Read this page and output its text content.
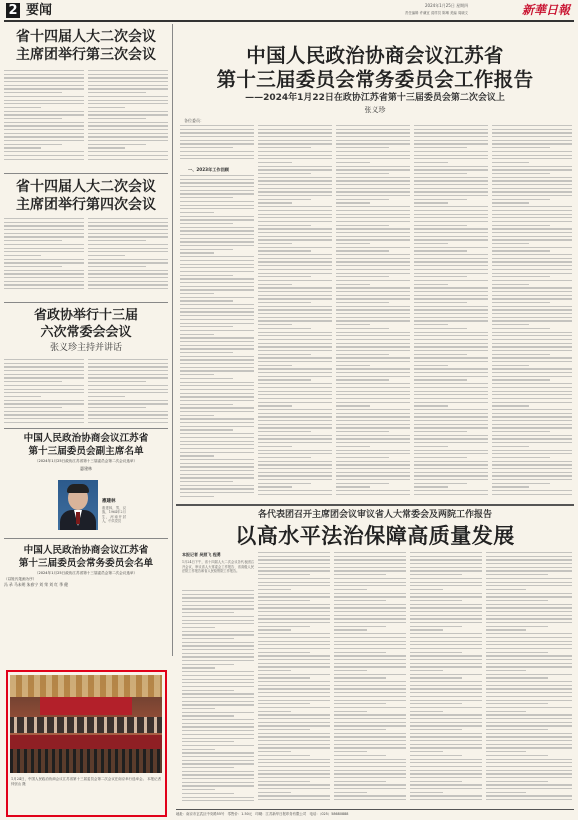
2 要闻	2024年1月25日 星期四
责任编辑 许谦宜 清样员 陈琳 美编 周晓文	新華日報
省十四届人大二次会议
主席团举行第三次会议
省十四届人大二次会议
主席团举行第四次会议
省政协举行十三届
六次常委会会议
张义珍主持并讲话
中国人民政治协商会议江苏省
第十三届委员会副主席名单
（2024年1月25日政协江苏省第十三届委员会第二次会议选举）
惠建林
惠建林
惠建林，男，汉族，1964年2月生，河南开封人，中共党员
中国人民政治协商会议江苏省
第十三届委员会常务委员会名单
（2024年1月25日政协江苏省第十三届委员会第二次会议选举）
（以姓氏笔画为序）
冯 录 马未明 朱春宁 刘 荣 刘 红 季 健
1月24日，中国人民政治协商会议江苏省第十三届委员会第二次会议在南京举行选举会。 本报记者 仲崇山 摄
中国人民政治协商会议江苏省
第十三届委员会常务委员会工作报告
——2024年1月22日在政协江苏省第十三届委员会第二次会议上
张义珍
各位委员：
一、2023年工作回顾
各代表团召开主席团会议审议省人大常委会及两院工作报告
以高水平法治保障高质量发展
本报记者 吴照飞 程勇
1月24日下午，省十四届人大二次会议各代表团召开会议，审议省人大常委会工作报告、省高级人民法院工作报告和省人民检察院工作报告。
地址：南京市玄武区中央路55号 零售价：1.50元 印刷：江苏新华日报印务有限公司 电话：（025）58680888
